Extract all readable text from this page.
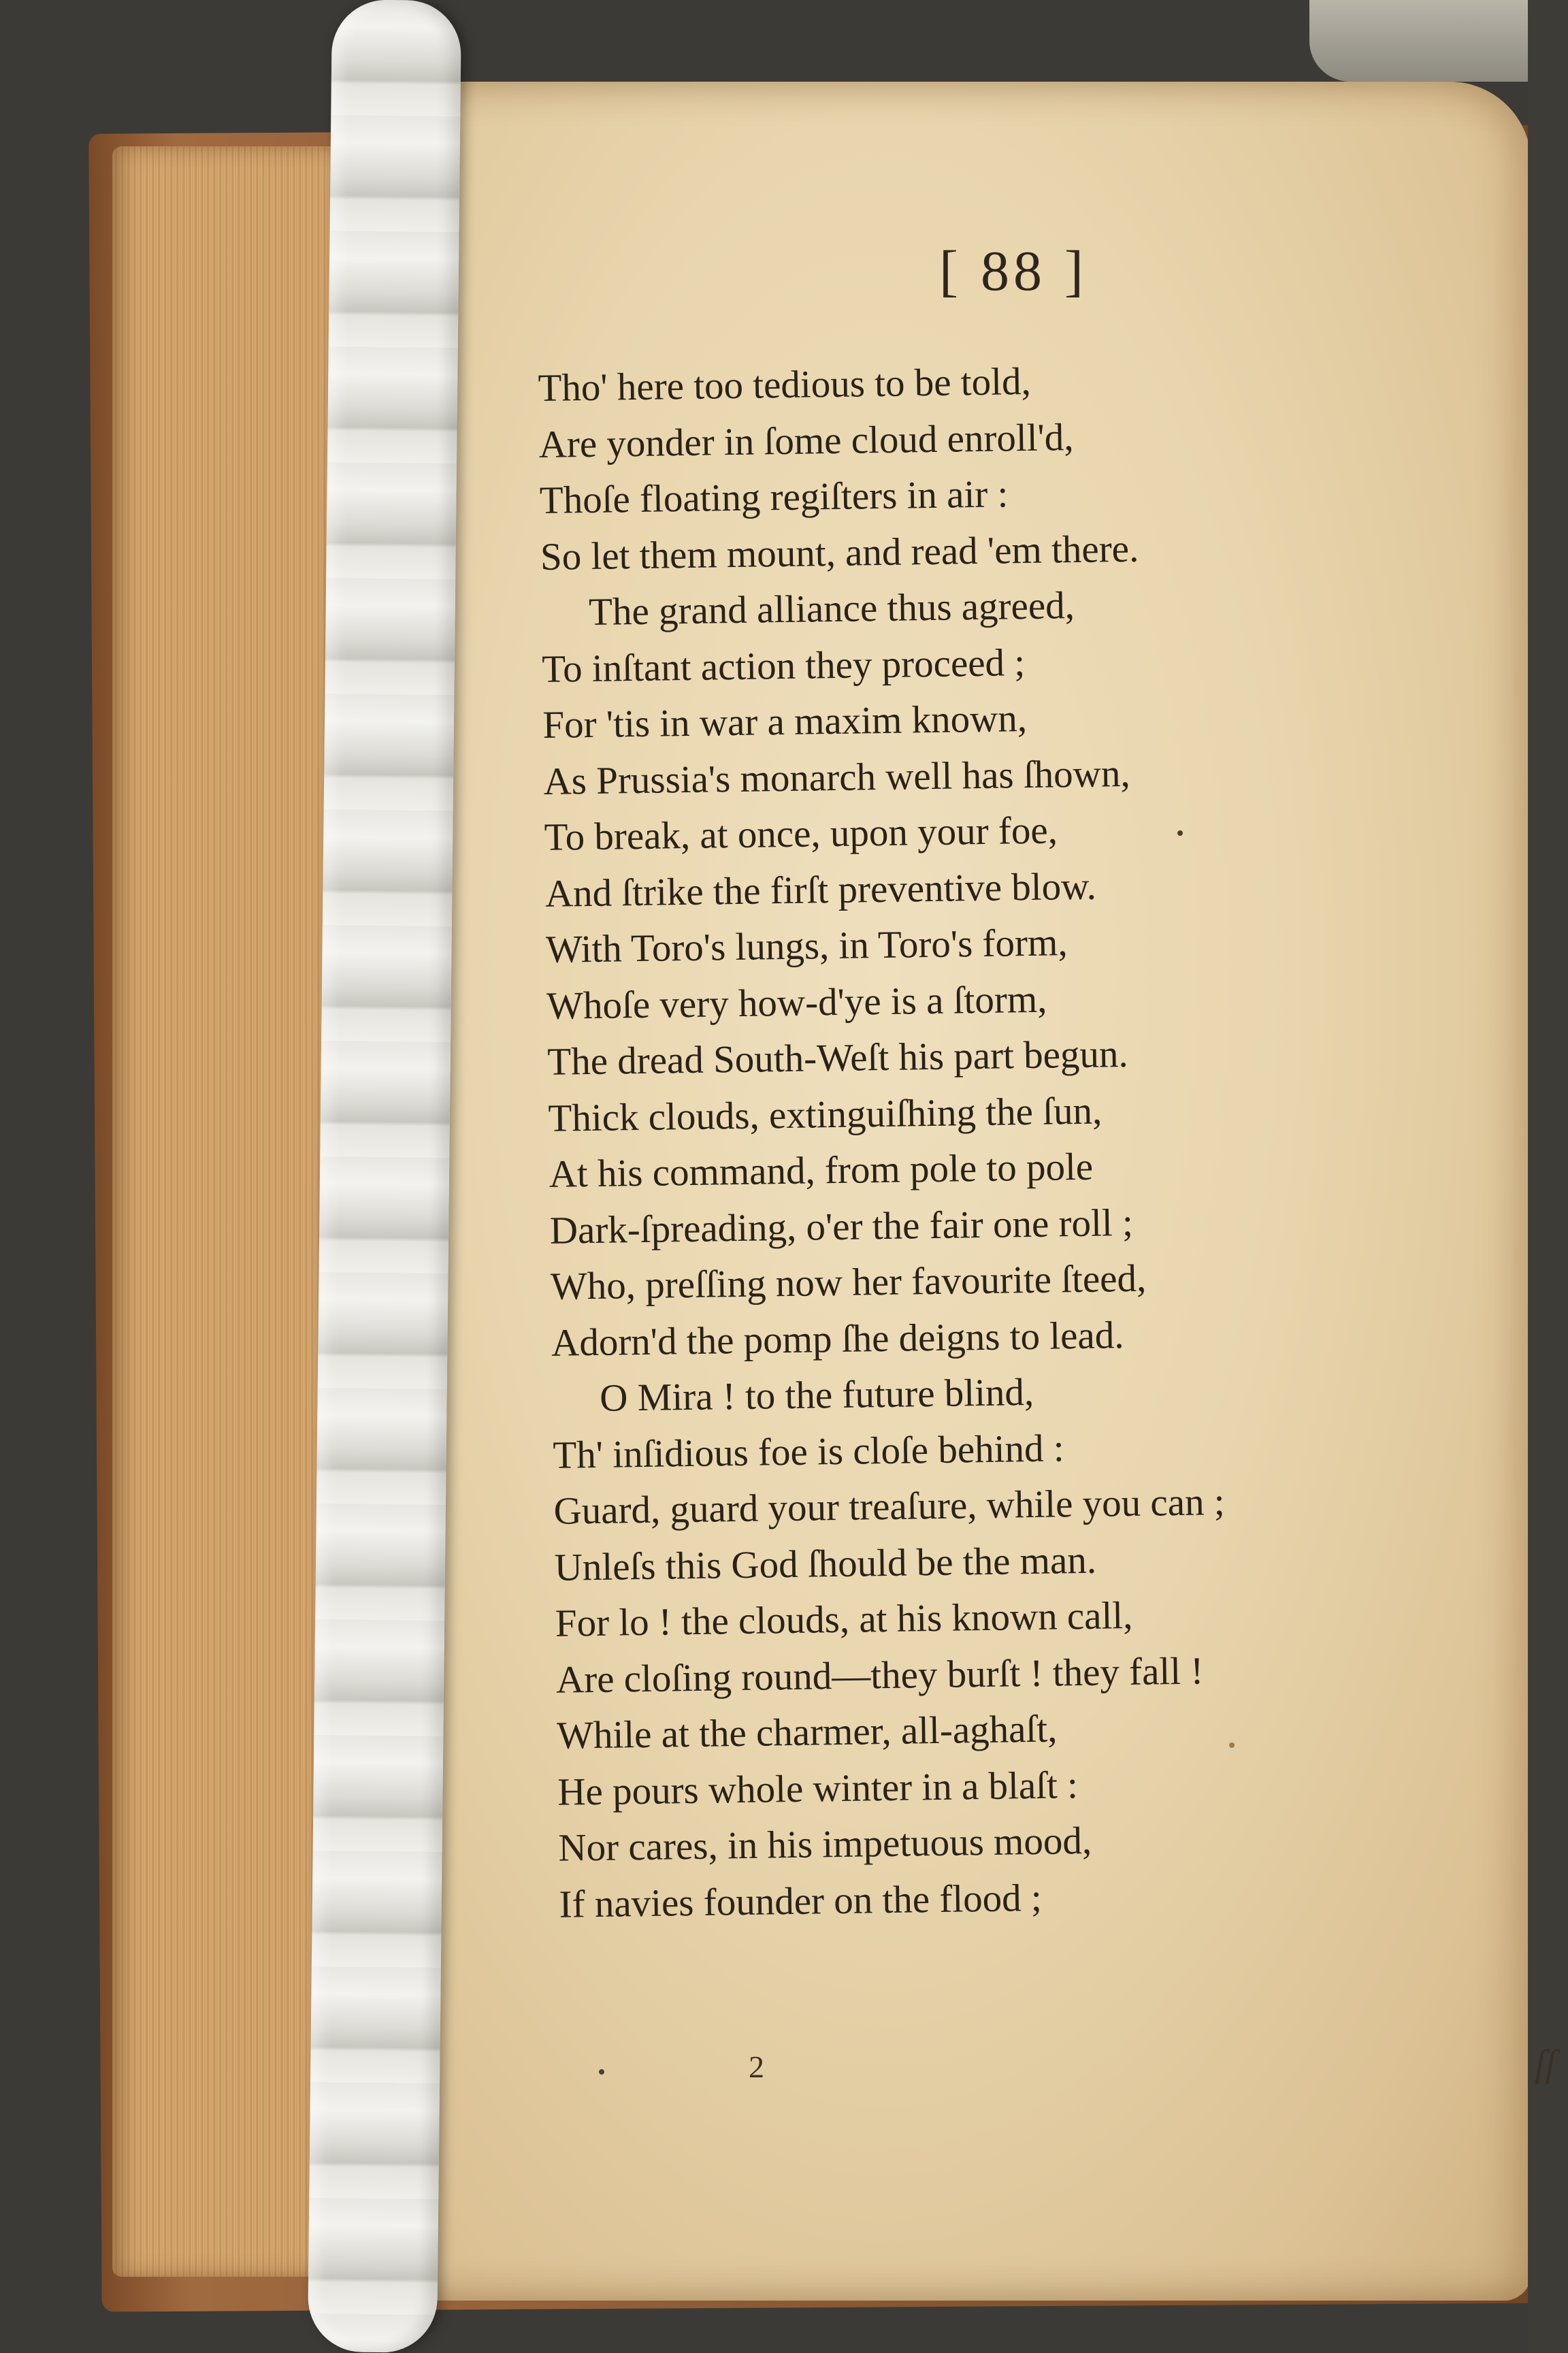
[ 88 ]
Tho' here too tedious to be told,
Are yonder in ſome cloud enroll'd,
Thoſe floating regiſters in air :
So let them mount, and read 'em there.
The grand alliance thus agreed,
To inſtant action they proceed ;
For 'tis in war a maxim known,
As Prussia's monarch well has ſhown,
To break, at once, upon your foe,
And ſtrike the firſt preventive blow.
With Toro's lungs, in Toro's form,
Whoſe very how-d'ye is a ſtorm,
The dread South-Weſt his part begun.
Thick clouds, extinguiſhing the ſun,
At his command, from pole to pole
Dark-ſpreading, o'er the fair one roll ;
Who, preſſing now her favourite ſteed,
Adorn'd the pomp ſhe deigns to lead.
O Mira ! to the future blind,
Th' inſidious foe is cloſe behind :
Guard, guard your treaſure, while you can ;
Unleſs this God ſhould be the man.
For lo ! the clouds, at his known call,
Are cloſing round—they burſt ! they fall !
While at the charmer, all-aghaſt,
He pours whole winter in a blaſt :
Nor cares, in his impetuous mood,
If navies founder on the flood ;
2	ſſ
